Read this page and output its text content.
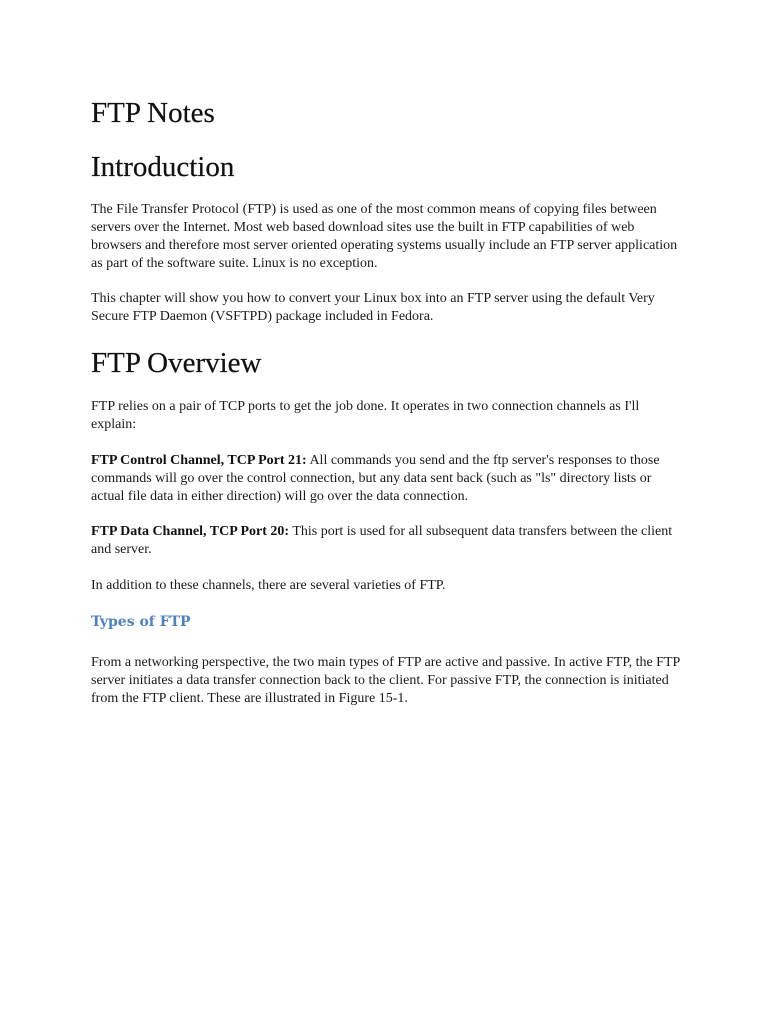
FTP Notes
Introduction

The File Transfer Protocol (FTP) is used as one of the most common means of copying files between servers over the Internet. Most web based download sites use the built in FTP capabilities of web browsers and therefore most server oriented operating systems usually include an FTP server application as part of the software suite. Linux is no exception.

This chapter will show you how to convert your Linux box into an FTP server using the default Very Secure FTP Daemon (VSFTPD) package included in Fedora.

FTP Overview

FTP relies on a pair of TCP ports to get the job done. It operates in two connection channels as I'll explain:

FTP Control Channel, TCP Port 21: All commands you send and the ftp server's responses to those commands will go over the control connection, but any data sent back (such as "ls" directory lists or actual file data in either direction) will go over the data connection.

FTP Data Channel, TCP Port 20: This port is used for all subsequent data transfers between the client and server.

In addition to these channels, there are several varieties of FTP.

Types of FTP

From a networking perspective, the two main types of FTP are active and passive. In active FTP, the FTP server initiates a data transfer connection back to the client. For passive FTP, the connection is initiated from the FTP client. These are illustrated in Figure 15-1.
